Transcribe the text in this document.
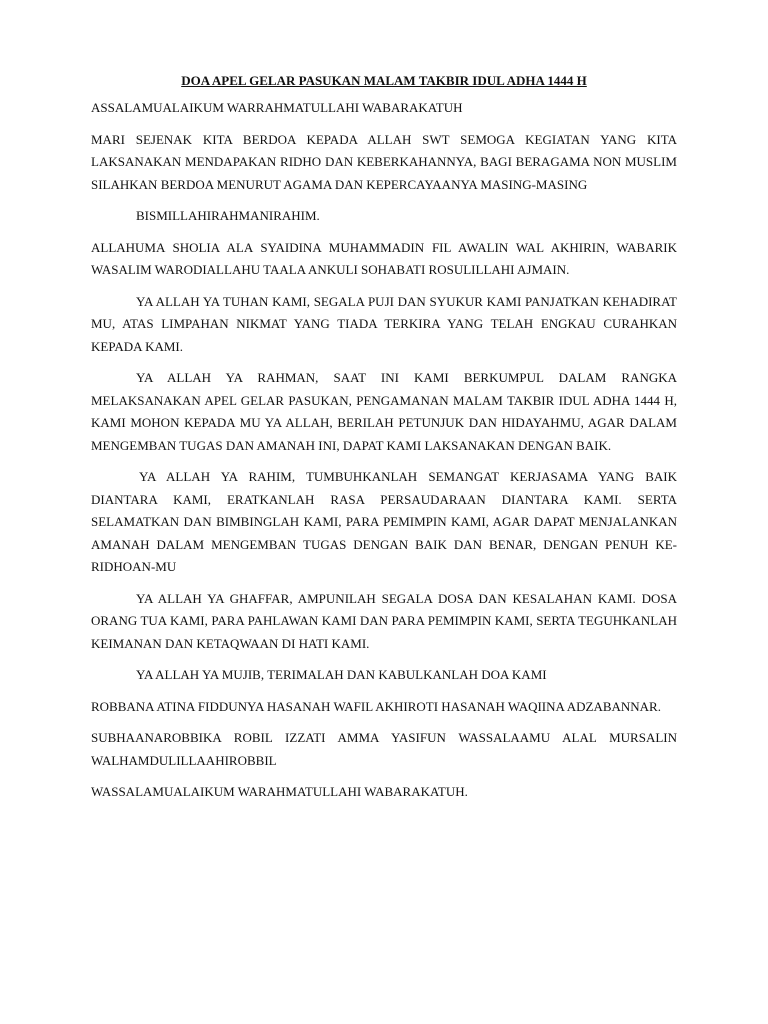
DOA APEL GELAR PASUKAN MALAM TAKBIR IDUL ADHA 1444 H
ASSALAMUALAIKUM WARRAHMATULLAHI WABARAKATUH
MARI SEJENAK KITA BERDOA KEPADA ALLAH SWT SEMOGA KEGIATAN YANG KITA LAKSANAKAN MENDAPAKAN RIDHO DAN KEBERKAHANNYA, BAGI BERAGAMA NON MUSLIM SILAHKAN BERDOA MENURUT AGAMA DAN KEPERCAYAANYA MASING-MASING
BISMILLAHIRAHMANIRAHIM.
ALLAHUMA SHOLIA ALA SYAIDINA MUHAMMADIN FIL AWALIN WAL AKHIRIN, WABARIK WASALIM WARODIALLAHU TAALA ANKULI SOHABATI ROSULILLAHI AJMAIN.
YA ALLAH YA TUHAN KAMI, SEGALA PUJI DAN SYUKUR KAMI PANJATKAN KEHADIRAT MU, ATAS LIMPAHAN NIKMAT YANG TIADA TERKIRA YANG TELAH ENGKAU CURAHKAN KEPADA KAMI.
YA ALLAH YA RAHMAN, SAAT INI KAMI BERKUMPUL DALAM RANGKA MELAKSANAKAN APEL GELAR PASUKAN, PENGAMANAN MALAM TAKBIR IDUL ADHA 1444 H, KAMI MOHON KEPADA MU YA ALLAH, BERILAH PETUNJUK DAN HIDAYAHMU, AGAR DALAM MENGEMBAN TUGAS DAN AMANAH INI, DAPAT KAMI LAKSANAKAN DENGAN BAIK.
YA ALLAH YA RAHIM, TUMBUHKANLAH SEMANGAT KERJASAMA YANG BAIK DIANTARA KAMI, ERATKANLAH RASA PERSAUDARAAN DIANTARA KAMI. SERTA SELAMATKAN DAN BIMBINGLAH KAMI, PARA PEMIMPIN KAMI, AGAR DAPAT MENJALANKAN AMANAH DALAM MENGEMBAN TUGAS DENGAN BAIK DAN BENAR, DENGAN PENUH KE-RIDHOAN-MU
YA ALLAH YA GHAFFAR, AMPUNILAH SEGALA DOSA DAN KESALAHAN KAMI. DOSA ORANG TUA KAMI, PARA PAHLAWAN KAMI DAN PARA PEMIMPIN KAMI, SERTA TEGUHKANLAH KEIMANAN DAN KETAQWAAN DI HATI KAMI.
YA ALLAH YA MUJIB, TERIMALAH DAN KABULKANLAH DOA KAMI
ROBBANA ATINA FIDDUNYA HASANAH WAFIL AKHIROTI HASANAH WAQIINA ADZABANNAR.
SUBHAANAROBBIKA ROBIL IZZATI AMMA YASIFUN WASSALAAMU ALAL MURSALIN WALHAMDULILLAAHIROBBIL
WASSALAMUALAIKUM WARAHMATULLAHI WABARAKATUH.
